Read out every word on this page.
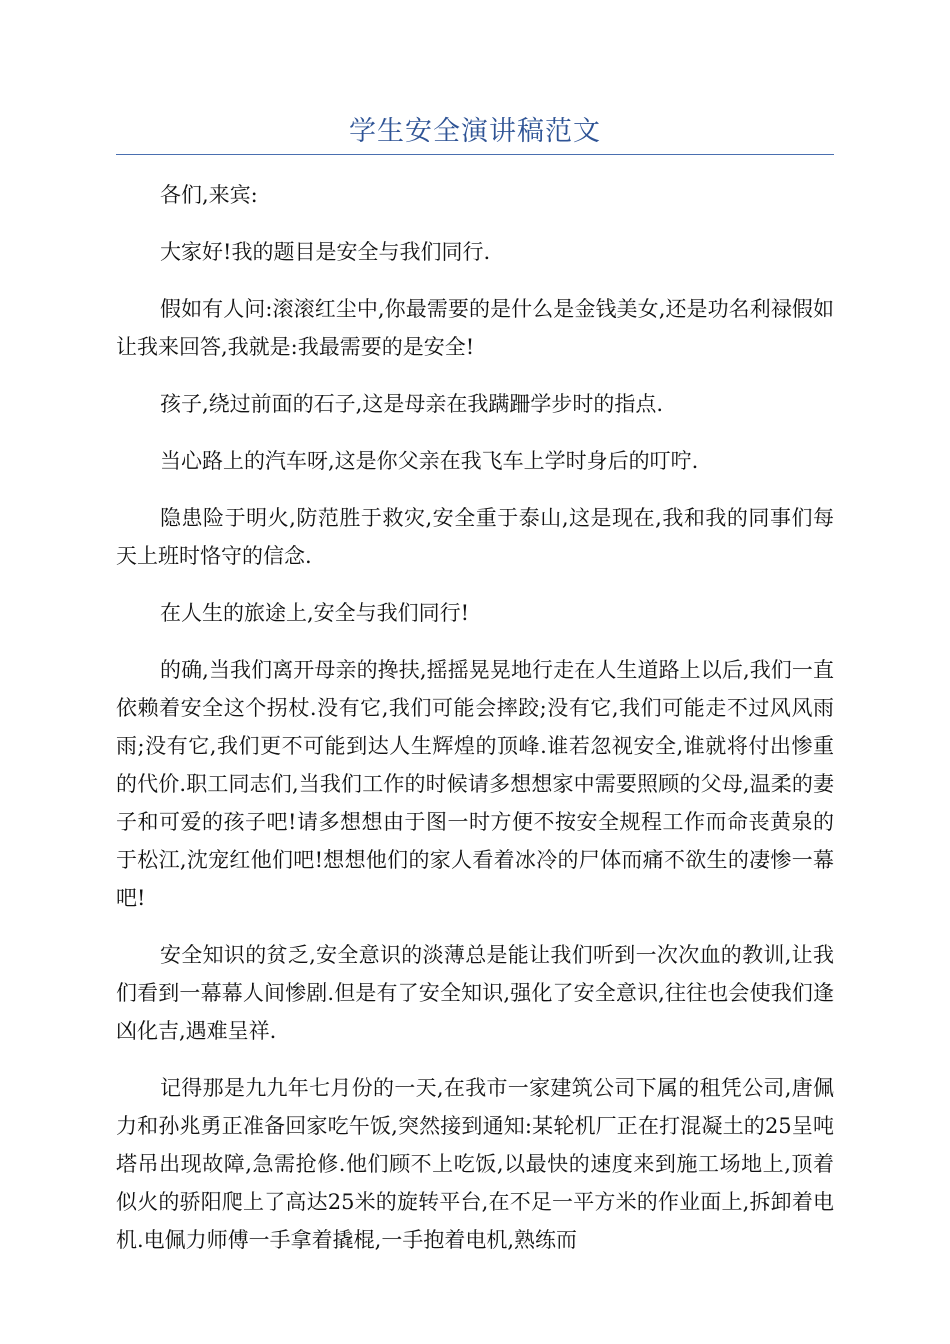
学生安全演讲稿范文

各们,来宾:

大家好!我的题目是安全与我们同行.

假如有人问:滚滚红尘中,你最需要的是什么是金钱美女,还是功名利禄假如让我来回答,我就是:我最需要的是安全!

孩子,绕过前面的石子,这是母亲在我蹒跚学步时的指点.

当心路上的汽车呀,这是你父亲在我飞车上学时身后的叮咛.

隐患险于明火,防范胜于救灾,安全重于泰山,这是现在,我和我的同事们每天上班时恪守的信念.

在人生的旅途上,安全与我们同行!

的确,当我们离开母亲的搀扶,摇摇晃晃地行走在人生道路上以后,我们一直依赖着安全这个拐杖.没有它,我们可能会摔跤;没有它,我们可能走不过风风雨雨;没有它,我们更不可能到达人生辉煌的顶峰.谁若忽视安全,谁就将付出惨重的代价.职工同志们,当我们工作的时候请多想想家中需要照顾的父母,温柔的妻子和可爱的孩子吧!请多想想由于图一时方便不按安全规程工作而命丧黄泉的于松江,沈宠红他们吧!想想他们的家人看着冰冷的尸体而痛不欲生的凄惨一幕吧!

安全知识的贫乏,安全意识的淡薄总是能让我们听到一次次血的教训,让我们看到一幕幕人间惨剧.但是有了安全知识,强化了安全意识,往往也会使我们逢凶化吉,遇难呈祥.

记得那是九九年七月份的一天,在我市一家建筑公司下属的租凭公司,唐佩力和孙兆勇正准备回家吃午饭,突然接到通知:某轮机厂正在打混凝土的25呈吨塔吊出现故障,急需抢修.他们顾不上吃饭,以最快的速度来到施工场地上,顶着似火的骄阳爬上了高达25米的旋转平台,在不足一平方米的作业面上,拆卸着电机.电佩力师傅一手拿着撬棍,一手抱着电机,熟练而
